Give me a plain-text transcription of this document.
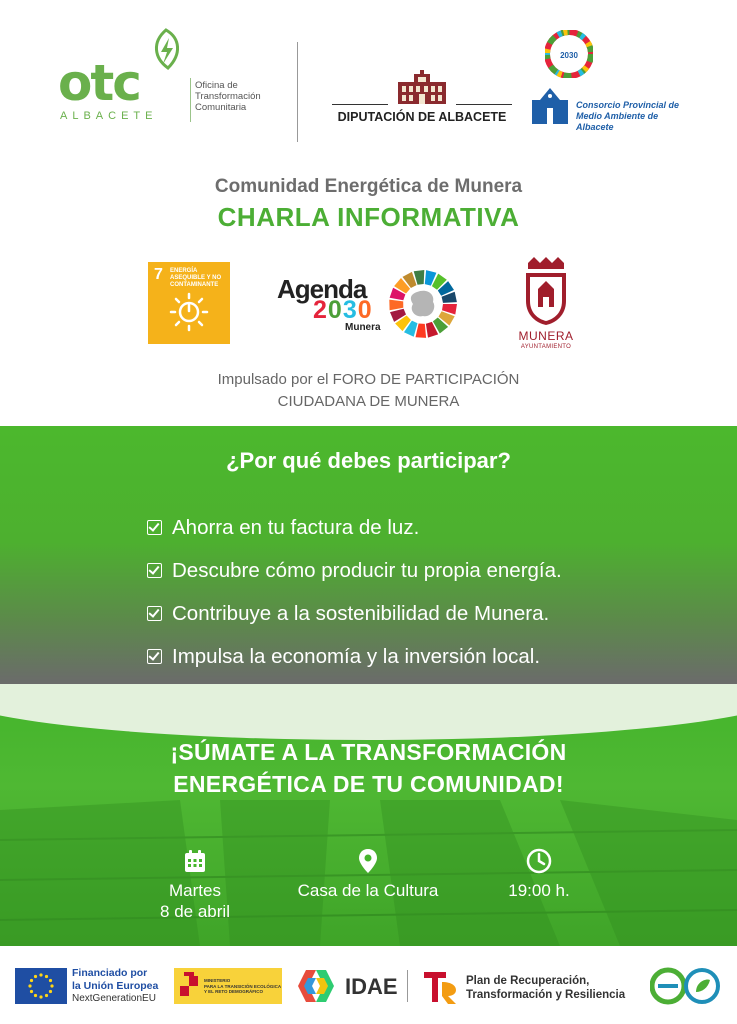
otc
ALBACETE
Oficina de
Transformación
Comunitaria
DIPUTACIÓN DE ALBACETE
2030
Consorcio Provincial de
Medio Ambiente de Albacete
Comunidad Energética de Munera
CHARLA INFORMATIVA
7 ENERGÍA ASEQUIBLE Y NO CONTAMINANTE	Agenda
2030
Munera
MUNERA
AYUNTAMIENTO
Impulsado por el FORO DE PARTICIPACIÓN
CIUDADANA DE MUNERA
¿Por qué debes participar?
Ahorra en tu factura de luz.
Descubre cómo producir tu propia energía.
Contribuye a la sostenibilidad de Munera.
Impulsa la economía y la inversión local.
¡SÚMATE A LA TRANSFORMACIÓN
ENERGÉTICA DE TU COMUNIDAD!
Martes
8 de abril
Casa de la Cultura	19:00 h.
Financiado por
la Unión Europea
NextGenerationEU
MINISTERIO
PARA LA TRANSICIÓN ECOLÓGICA
Y EL RETO DEMOGRÁFICO	IDAE	Plan de Recuperación,
Transformación y Resiliencia
